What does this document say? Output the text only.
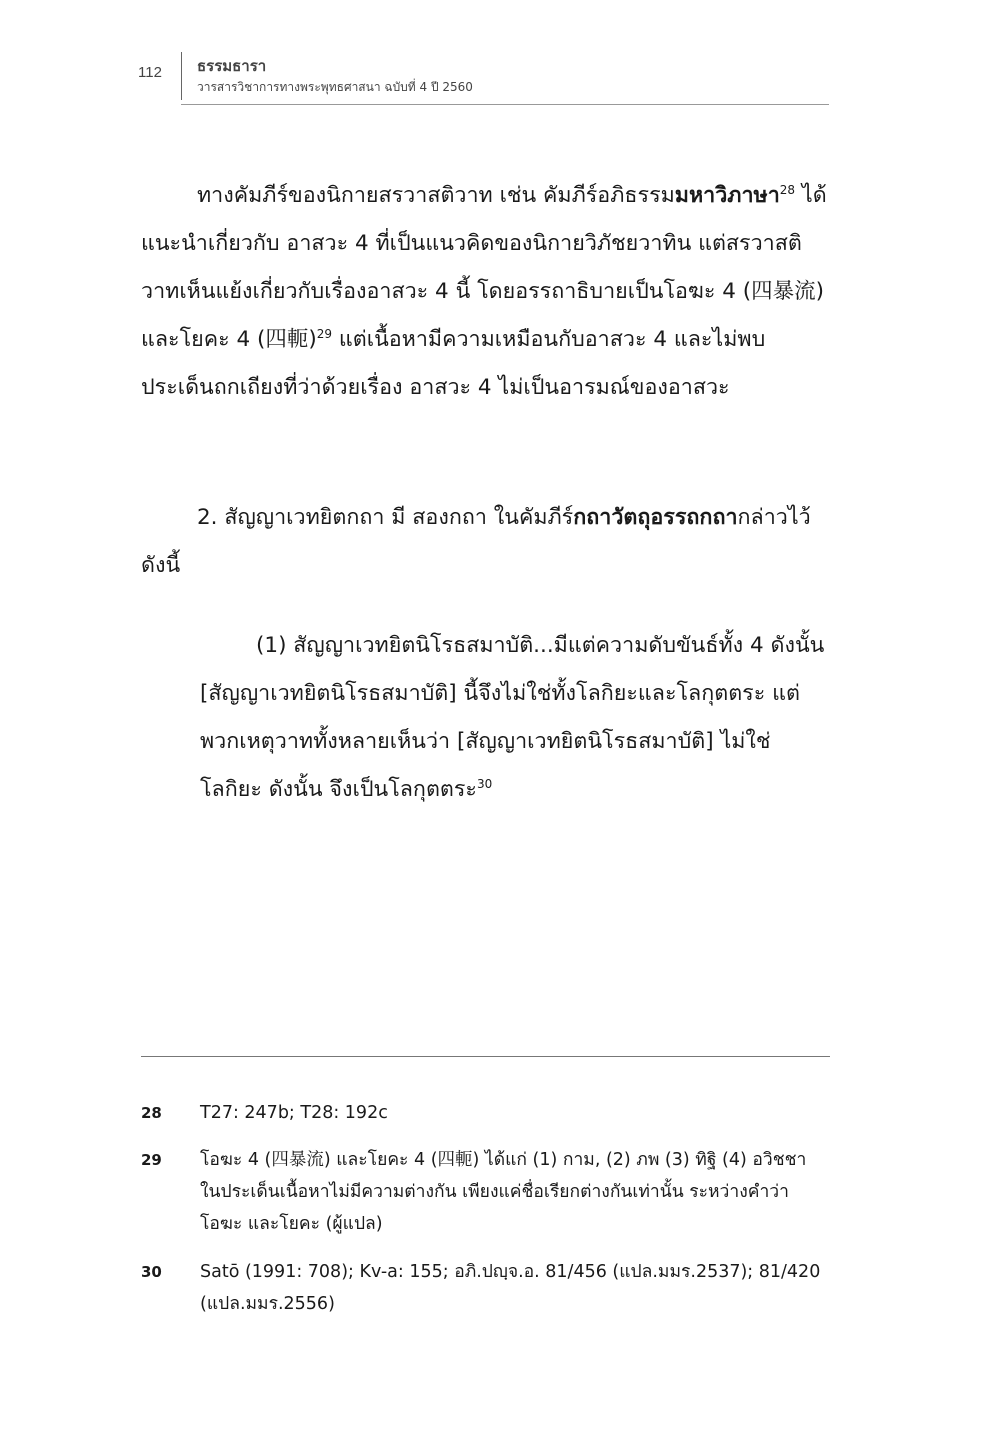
112 ธรรมธารา
วารสารวิชาการทางพระพุทธศาสนา ฉบับที่ 4 ปี 2560

ทางคัมภีร์ของนิกายสรวาสติวาท เช่น คัมภีร์อภิธรรมมหาวิภาษา$^{28}$ ได้แนะนำเกี่ยวกับ อาสวะ 4 ที่เป็นแนวคิดของนิกายวิภัชยวาทิน แต่สรวาสติวาทเห็นแย้งเกี่ยวกับเรื่องอาสวะ 4 นี้ โดยอรรถาธิบายเป็นโอฆะ 4 (四暴流) และโยคะ 4 (四軛)$^{29}$ แต่เนื้อหามีความเหมือนกับอาสวะ 4 และไม่พบประเด็นถกเถียงที่ว่าด้วยเรื่อง อาสวะ 4 ไม่เป็นอารมณ์ของอาสวะ

2. สัญญาเวทยิตกถา มี สองกถา ในคัมภีร์กถาวัตถุอรรถกถากล่าวไว้ดังนี้

(1) สัญญาเวทยิตนิโรธสมาบัติ...มีแต่ความดับขันธ์ทั้ง 4 ดังนั้น [สัญญาเวทยิตนิโรธสมาบัติ] นี้จึงไม่ใช่ทั้งโลกิยะและโลกุตตระ แต่พวกเหตุวาททั้งหลายเห็นว่า [สัญญาเวทยิตนิโรธสมาบัติ] ไม่ใช่โลกิยะ ดังนั้น จึงเป็นโลกุตตระ$^{30}$

28 T27: 247b; T28: 192c
29 โอฆะ 4 (四暴流) และโยคะ 4 (四軛) ได้แก่ (1) กาม, (2) ภพ (3) ทิฐิ (4) อวิชชา ในประเด็นเนื้อหาไม่มีความต่างกัน เพียงแค่ชื่อเรียกต่างกันเท่านั้น ระหว่างคำว่า โอฆะ และโยคะ (ผู้แปล)
30 Satō (1991: 708); Kv-a: 155; อภิ.ปญฺจ.อ. 81/456 (แปล.มมร.2537); 81/420 (แปล.มมร.2556)
